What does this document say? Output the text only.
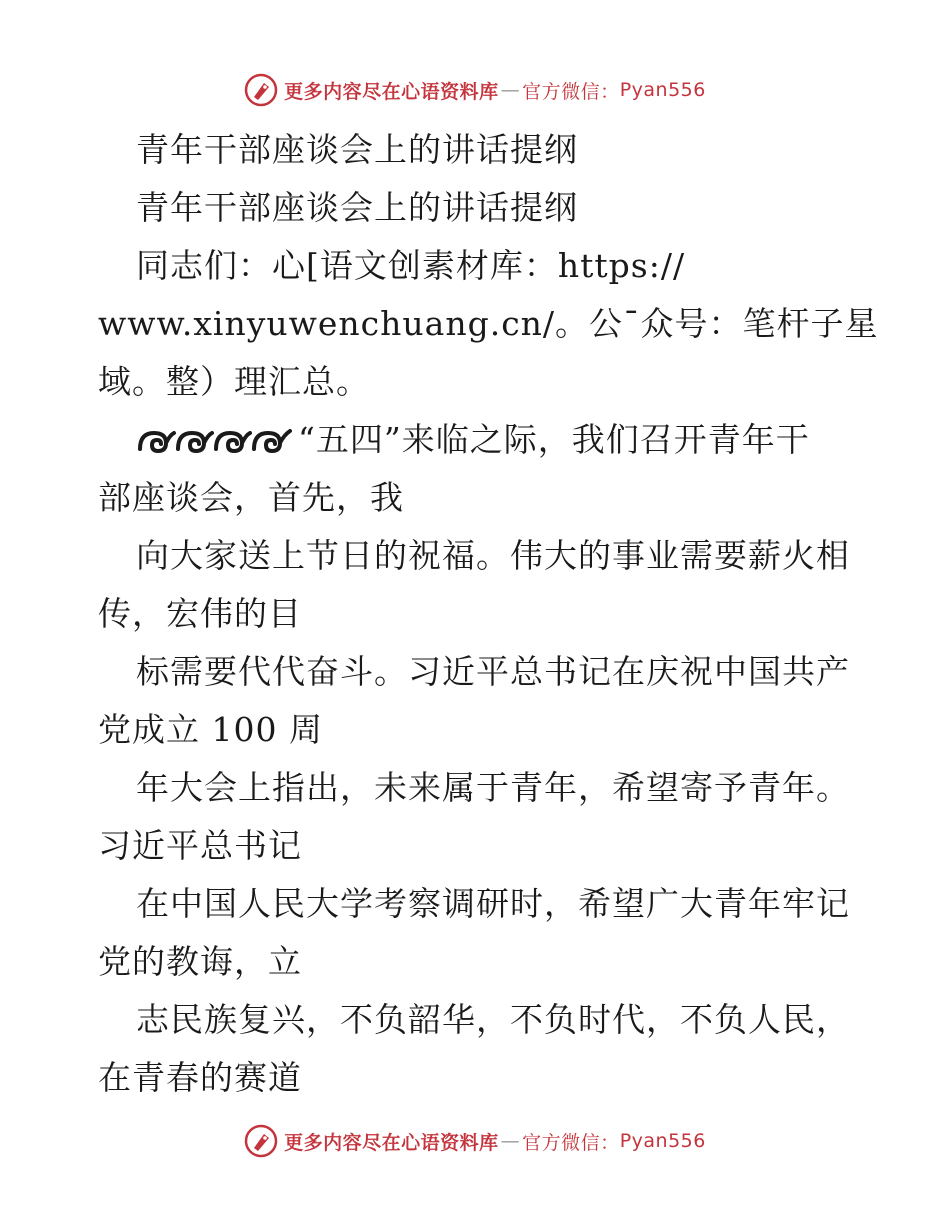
更多内容尽在心语资料库 — 官方微信： Pyan556
青年干部座谈会上的讲话提纲
青年干部座谈会上的讲话提纲
同志们：心[语文创素材库：https://
www.xinyuwenchuang.cn/。公¯众号：笔杆子星
域。整）理汇总。
“五四”来临之际，我们召开青年干
部座谈会，首先，我
向大家送上节日的祝福。伟大的事业需要薪火相
传，宏伟的目
标需要代代奋斗。习近平总书记在庆祝中国共产
党成立 100 周
年大会上指出，未来属于青年，希望寄予青年。
习近平总书记
在中国人民大学考察调研时，希望广大青年牢记
党的教诲，立
志民族复兴，不负韶华，不负时代，不负人民，
在青春的赛道
更多内容尽在心语资料库 — 官方微信： Pyan556
